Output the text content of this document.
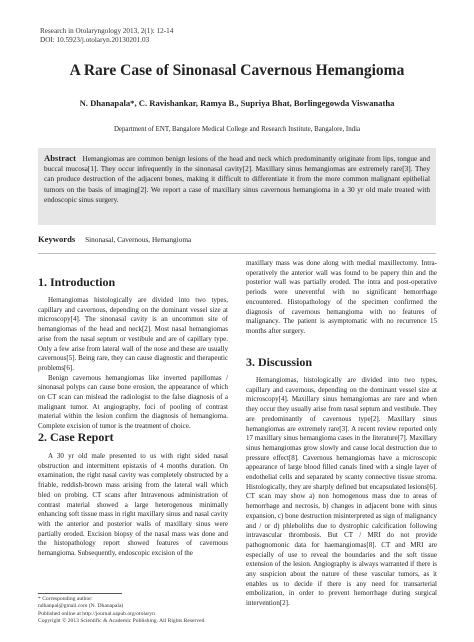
Research in Otolaryngology 2013, 2(1): 12-14
DOI: 10.5923/j.otolaryn.20130201.03
A Rare Case of Sinonasal Cavernous Hemangioma
N. Dhanapala*, C. Ravishankar, Ramya B., Supriya Bhat, Borlingegowda Viswanatha
Department of ENT, Bangalore Medical College and Research Institute, Bangalore, India
Abstract Hemangiomas are common benign lesions of the head and neck which predominantly originate from lips, tongue and buccal mucosa[1]. They occur infrequently in the sinonasal cavity[2]. Maxillary sinus hemangiomas are extremely rare[3]. They can produce destruction of the adjacent bones, making it difficult to differentiate it from the more common malignant epithelial tumors on the basis of imaging[2]. We report a case of maxillary sinus cavernous hemangioma in a 30 yr old male treated with endoscopic sinus surgery.
Keywords Sinonasal, Cavernous, Hemangioma
1. Introduction

Hemangiomas histologically are divided into two types, capillary and cavernous, depending on the dominant vessel size at microscopy[4]. The sinonasal cavity is an uncommon site of hemangiomas of the head and neck[2]. Most nasal hemangiomas arise from the nasal septum or vestibule and are of capillary type. Only a few arise from lateral wall of the nose and these are usually cavernous[5]. Being rare, they can cause diagnostic and therapeutic problems[6].

Benign cavernous hemangiomas like inverted papillomas / sinonasal polyps can cause bone erosion, the appearance of which on CT scan can mislead the radiologist to the false diagnosis of a malignant tumor. At angiography, foci of pooling of contrast material within the lesion confirm the diagnosis of hemangioma. Complete excision of tumor is the treatment of choice.

2. Case Report

A 30 yr old male presented to us with right sided nasal obstruction and intermittent epistaxis of 4 months duration. On examination, the right nasal cavity was completely obstructed by a friable, reddish-brown mass arising from the lateral wall which bled on probing. CT scans after Intravenous administration of contrast material showed a large heterogenous minimally enhancing soft tissue mass in right maxillary sinus and nasal cavity with the anterior and posterior walls of maxillary sinus were partially eroded. Excision biopsy of the nasal mass was done and the histopathology report showed features of cavernous hemangioma. Subsequently, endoscopic excision of the

* Corresponding author:
ndhanpal@gmail.com (N. Dhanapala)
Published online at http://journal.sapub.org/otolaryn
Copyright © 2013 Scientific & Academic Publishing. All Rights Reserved

maxillary mass was done along with medial maxillectomy. Intra-operatively the anterior wall was found to be papery thin and the posterior wall was partially eroded. The intra and post-operative periods were uneventful with no significant hemorrhage encountered. Histopathology of the specimen confirmed the diagnosis of cavernous hemangioma with no features of malignancy. The patient is asymptomatic with no recurrence 15 months after surgery.

3. Discussion

Hemangiomas, histologically are divided into two types, capillary and cavernous, depending on the dominant vessel size at microscopy[4]. Maxillary sinus hemangiomas are rare and when they occur they usually arise from nasal septum and vestibule. They are predominantly of cavernous type[2]. Maxillary sinus hemangiomas are extremely rare[3]. A recent review reported only 17 maxillary sinus hemangioma cases in the literature[7]. Maxillary sinus hemangiomas grow slowly and cause local destruction due to pressure effect[8]. Cavernous hemangiomas have a microscopic appearance of large blood filled canals lined with a single layer of endothelial cells and separated by scanty connective tissue stroma. Histologically, they are sharply defined but encapsulated lesions[6]. CT scan may show a) non homogenous mass due to areas of hemorrhage and necrosis, b) changes in adjacent bone with sinus expansion, c) bone destruction misinterpreted as sign of malignancy and / or d) phleboliths due to dystrophic calcification following intravascular thrombosis. But CT / MRI do not provide pathognomonic data for haemangiomas[8]. CT and MRI are especially of use to reveal the boundaries and the soft tissue extension of the lesion. Angiography is always warranted if there is any suspicion about the nature of these vascular tumors, as it enables us to decide if there is any need for transarterial embolization, in order to prevent hemorrhage during surgical intervention[2].
